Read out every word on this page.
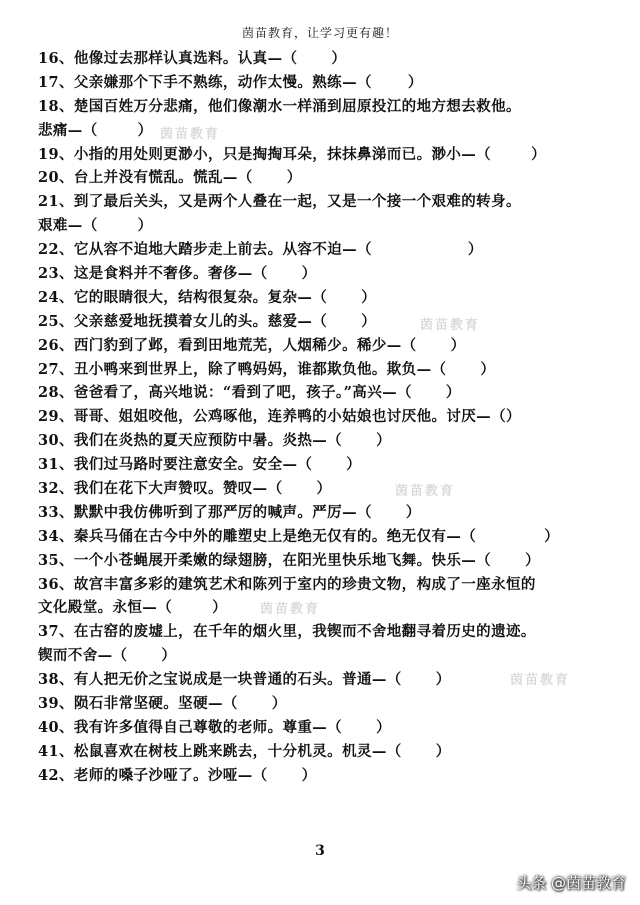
茵苗教育，让学习更有趣！
16、他像过去那样认真选料。认真—（ ）
17、父亲嫌那个下手不熟练，动作太慢。熟练—（ ）
18、楚国百姓万分悲痛，他们像潮水一样涌到屈原投江的地方想去救他。
悲痛—（	）
19、小指的用处则更渺小，只是掏掏耳朵，抹抹鼻涕而已。渺小—（	）
20、台上并没有慌乱。慌乱—（ ）
21、到了最后关头，又是两个人叠在一起，又是一个接一个艰难的转身。
艰难—（	）
22、它从容不迫地大踏步走上前去。从容不迫—（	）
23、这是食料并不奢侈。奢侈—（ ）
24、它的眼睛很大，结构很复杂。复杂—（ ）
25、父亲慈爱地抚摸着女儿的头。慈爱—（ ）
26、西门豹到了邺，看到田地荒芜，人烟稀少。稀少—（ ）
27、丑小鸭来到世界上，除了鸭妈妈，谁都欺负他。欺负—（ ）
28、爸爸看了，高兴地说：“看到了吧，孩子。”高兴—（ ）
29、哥哥、姐姐咬他，公鸡啄他，连养鸭的小姑娘也讨厌他。讨厌—（）
30、我们在炎热的夏天应预防中暑。炎热—（ ）
31、我们过马路时要注意安全。安全—（ ）
32、我们在花下大声赞叹。赞叹—（ ）
33、默默中我仿佛听到了那严厉的喊声。严厉—（ ）
34、秦兵马俑在古今中外的雕塑史上是绝无仅有的。绝无仅有—（	）
35、一个小苍蝇展开柔嫩的绿翅膀，在阳光里快乐地飞舞。快乐—（ ）
36、故宫丰富多彩的建筑艺术和陈列于室内的珍贵文物，构成了一座永恒的
文化殿堂。永恒—（	）
37、在古窑的废墟上，在千年的烟火里，我锲而不舍地翻寻着历史的遗迹。
锲而不舍—（ ）
38、有人把无价之宝说成是一块普通的石头。普通—（ ）
39、陨石非常坚硬。坚硬—（ ）
40、我有许多值得自己尊敬的老师。尊重—（ ）
41、松鼠喜欢在树枝上跳来跳去，十分机灵。机灵—（ ）
42、老师的嗓子沙哑了。沙哑—（ ）
茵苗教育
茵苗教育
茵苗教育
茵苗教育
茵苗教育
3
头条 @茵苗教育
